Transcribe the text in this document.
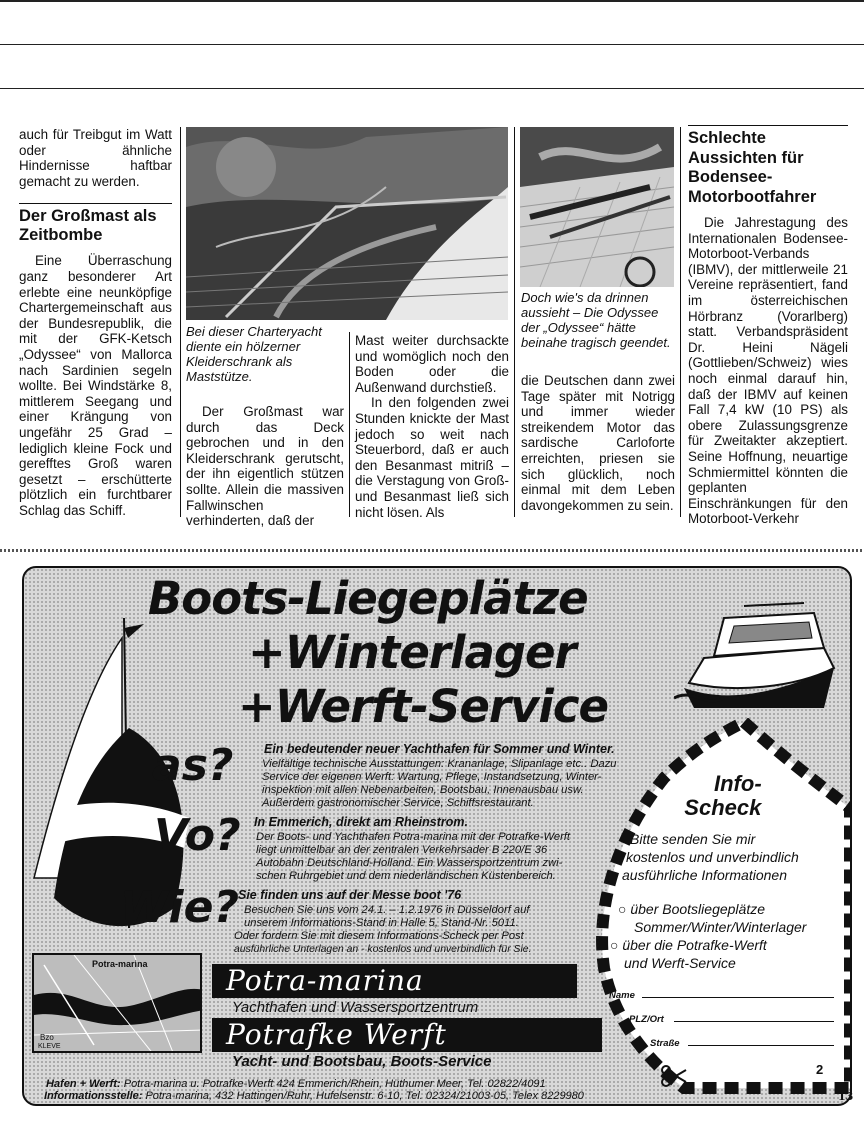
auch für Treibgut im Watt oder ähnliche Hindernisse haftbar gemacht zu werden.

Der Großmast als Zeitbombe

Eine Überraschung ganz besonderer Art erlebte eine neunköpfige Chartergemeinschaft aus der Bundesrepublik, die mit der GFK-Ketsch „Odyssee“ von Mallorca nach Sardinien segeln wollte. Bei Windstärke 8, mittlerem Seegang und einer Krängung von ungefähr 25 Grad – lediglich kleine Fock und gerefftes Groß waren gesetzt – erschütterte plötzlich ein furchtbarer Schlag das Schiff.

Bei dieser Charteryacht diente ein hölzerner Kleiderschrank als Maststütze.

Der Großmast war durch das Deck gebrochen und in den Kleiderschrank gerutscht, der ihn eigentlich stützen sollte. Allein die massiven Fallwinschen verhinderten, daß der

Mast weiter durchsackte und womöglich noch den Boden oder die Außenwand durchstieß.

In den folgenden zwei Stunden knickte der Mast jedoch so weit nach Steuerbord, daß er auch den Besanmast mitriß – die Verstagung von Groß- und Besanmast ließ sich nicht lösen. Als

Doch wie's da drinnen aussieht – Die Odyssee der „Odyssee“ hätte beinahe tragisch geendet.

die Deutschen dann zwei Tage später mit Notrigg und immer wieder streikendem Motor das sardische Carloforte erreichten, priesen sie sich glücklich, noch einmal mit dem Leben davongekommen zu sein.

Schlechte Aussichten für Bodensee-Motorbootfahrer

Die Jahrestagung des Internationalen Bodensee-Motorboot-Verbands (IBMV), der mittlerweile 21 Vereine repräsentiert, fand im österreichischen Hörbranz (Vorarlberg) statt. Verbandspräsident Dr. Heini Nägeli (Gottlieben/Schweiz) wies noch einmal darauf hin, daß der IBMV auf keinen Fall 7,4 kW (10 PS) als obere Zulassungsgrenze für Zweitakter akzeptiert. Seine Hoffnung, neuartige Schmiermittel könnten die geplanten Einschränkungen für den Motorboot-Verkehr

Boots-Liegeplätze
+Winterlager
+Werft-Service
as?
Vo?
Wie?
Ein bedeutender neuer Yachthafen für Sommer und Winter.
Vielfältige technische Ausstattungen: Krananlage, Slipanlage etc.. Dazu
Service der eigenen Werft: Wartung, Pflege, Instandsetzung, Winter-
inspektion mit allen Nebenarbeiten, Bootsbau, Innenausbau usw.
Außerdem gastronomischer Service, Schiffsrestaurant.
In Emmerich, direkt am Rheinstrom.
Der Boots- und Yachthafen Potra-marina mit der Potrafke-Werft
liegt unmittelbar an der zentralen Verkehrsader B 220/E 36
Autobahn Deutschland-Holland. Ein Wassersportzentrum zwi-
schen Ruhrgebiet und dem niederländischen Küstenbereich.
Sie finden uns auf der Messe boot '76
Besuchen Sie uns vom 24.1. – 1.2.1976 in Düsseldorf auf
unserem Informations-Stand in Halle 5, Stand-Nr. 5011.
Oder fordern Sie mit diesem Informations-Scheck per Post
ausführliche Unterlagen an - kostenlos und unverbindlich für Sie.
Potra-marina
Bzo
KLEVE
Potra-marina
Yachthafen und Wassersportzentrum
Potrafke Werft
Yacht- und Bootsbau, Boots-Service
Info-
Scheck
Bitte senden Sie mir
kostenlos und unverbindlich
ausführliche Informationen
○ über Bootsliegeplätze
Sommer/Winter/Winterlager
○ über die Potrafke-Werft
und Werft-Service
Name
PLZ/Ort
Straße
2
Hafen + Werft: Potra-marina u. Potrafke-Werft 424 Emmerich/Rhein, Hüthumer Meer, Tel. 02822/4091
Informationsstelle: Potra-marina, 432 Hattingen/Ruhr, Hufelsenstr. 6-10, Tel. 02324/21003-05, Telex 8229980	13
